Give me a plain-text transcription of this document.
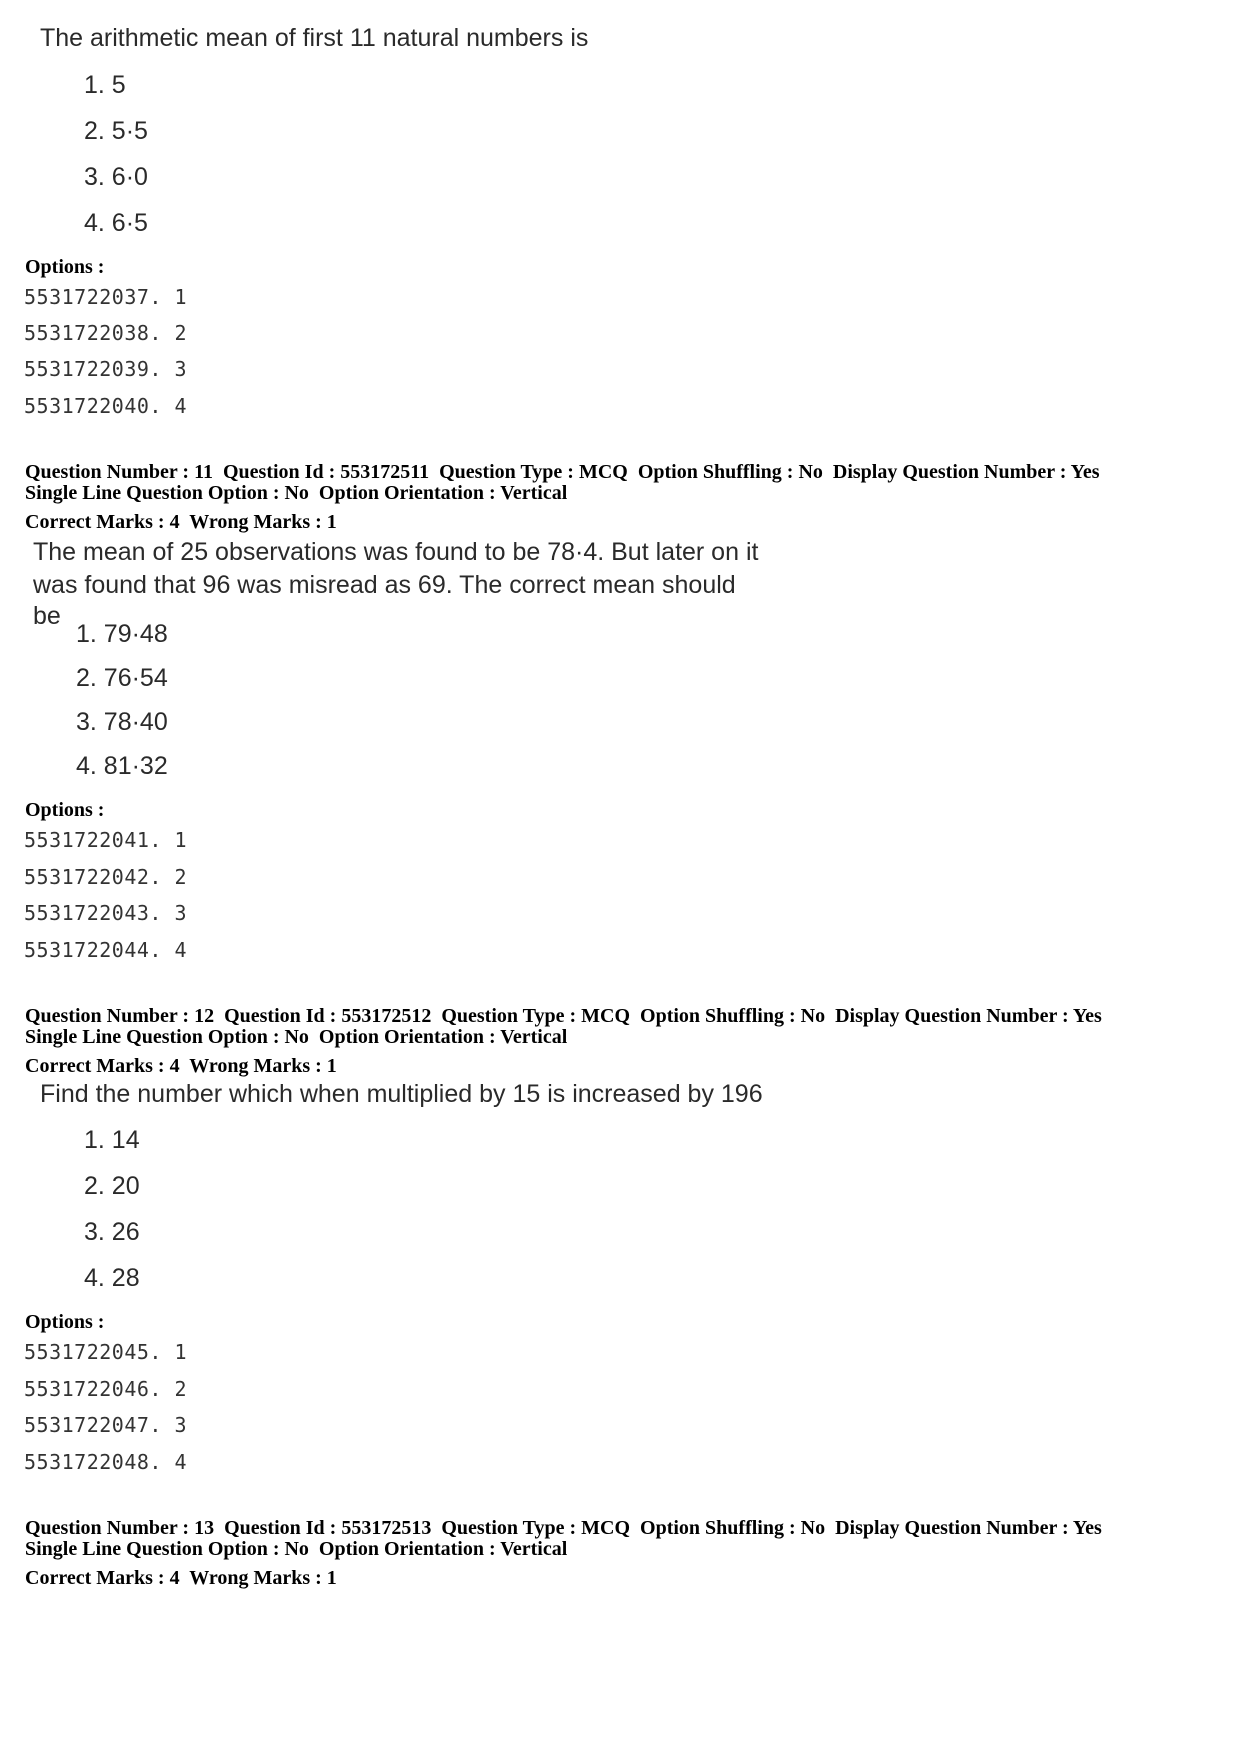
The arithmetic mean of first 11 natural numbers is
1. 5
2. 5·5
3. 6·0
4. 6·5
Options :
5531722037. 1
5531722038. 2
5531722039. 3
5531722040. 4
Question Number : 11  Question Id : 553172511  Question Type : MCQ  Option Shuffling : No  Display Question Number : Yes
Single Line Question Option : No  Option Orientation : Vertical
Correct Marks : 4  Wrong Marks : 1
The mean of 25 observations was found to be 78·4. But later on it
was found that 96 was misread as 69. The correct mean should
be
1. 79·48
2. 76·54
3. 78·40
4. 81·32
Options :
5531722041. 1
5531722042. 2
5531722043. 3
5531722044. 4
Question Number : 12  Question Id : 553172512  Question Type : MCQ  Option Shuffling : No  Display Question Number : Yes
Single Line Question Option : No  Option Orientation : Vertical
Correct Marks : 4  Wrong Marks : 1
Find the number which when multiplied by 15 is increased by 196
1. 14
2. 20
3. 26
4. 28
Options :
5531722045. 1
5531722046. 2
5531722047. 3
5531722048. 4
Question Number : 13  Question Id : 553172513  Question Type : MCQ  Option Shuffling : No  Display Question Number : Yes
Single Line Question Option : No  Option Orientation : Vertical
Correct Marks : 4  Wrong Marks : 1
